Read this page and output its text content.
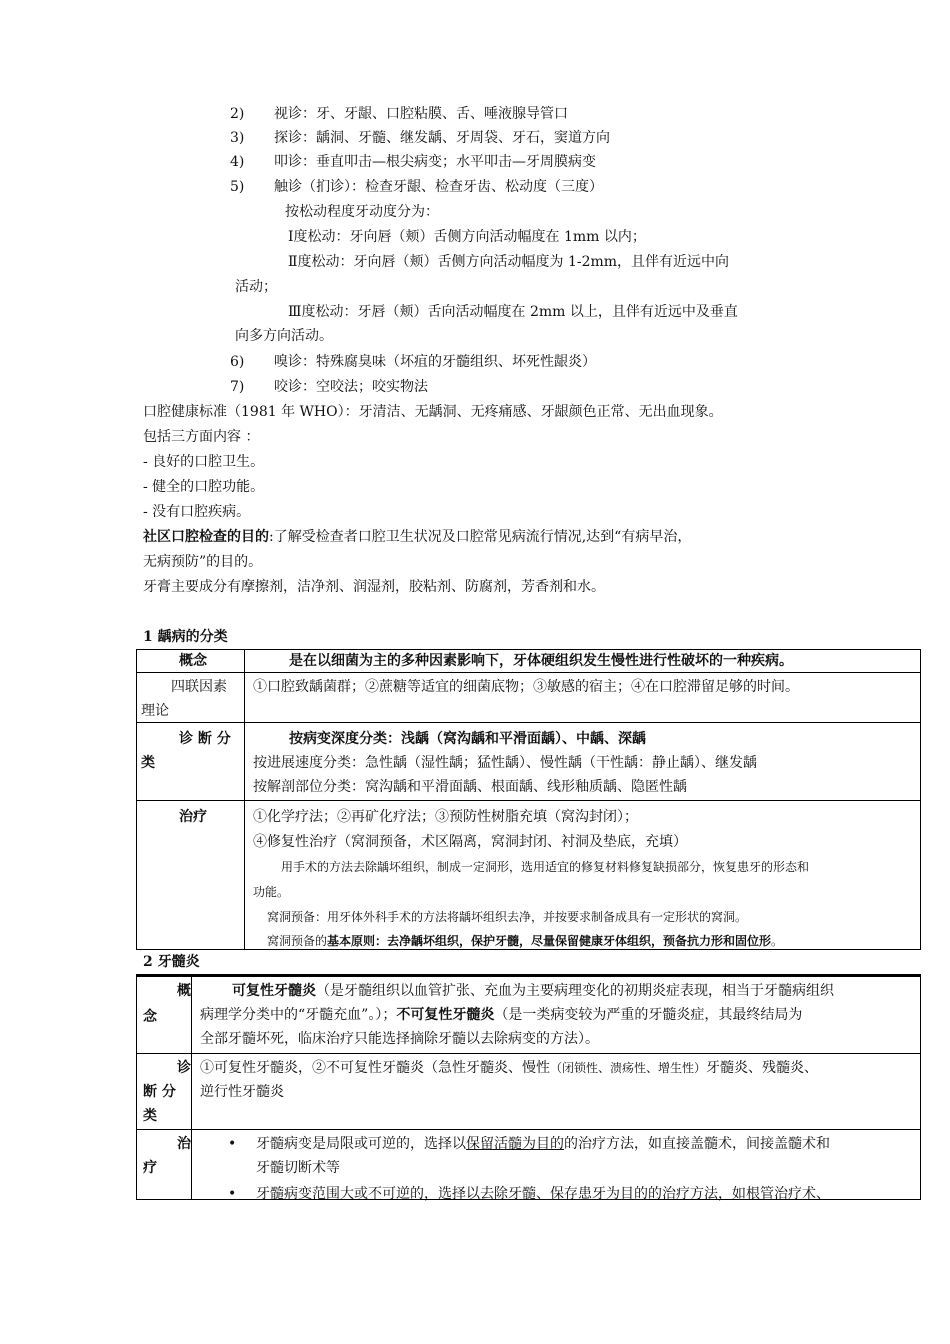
2) 视诊：牙、牙龈、口腔粘膜、舌、唾液腺导管口
3) 探诊：龋洞、牙髓、继发龋、牙周袋、牙石，窦道方向
4) 叩诊：垂直叩击—根尖病变；水平叩击—牙周膜病变
5) 触诊（扪诊）：检查牙龈、检查牙齿、松动度（三度）
按松动程度牙动度分为：
Ⅰ度松动：牙向唇（颊）舌侧方向活动幅度在 1mm 以内；
Ⅱ度松动：牙向唇（颊）舌侧方向活动幅度为 1-2mm，且伴有近远中向
活动；
Ⅲ度松动：牙唇（颊）舌向活动幅度在 2mm 以上，且伴有近远中及垂直
向多方向活动。
6) 嗅诊：特殊腐臭味（坏疽的牙髓组织、坏死性龈炎）
7) 咬诊：空咬法；咬实物法
口腔健康标准（1981 年 WHO）：牙清洁、无龋洞、无疼痛感、牙龈颜色正常、无出血现象。
包括三方面内容 ：
- 良好的口腔卫生。
- 健全的口腔功能。
- 没有口腔疾病。
社区口腔检查的目的:了解受检查者口腔卫生状况及口腔常见病流行情况,达到“有病早治，
无病预防”的目的。
牙膏主要成分有摩擦剂，洁净剂、润湿剂，胶粘剂、防腐剂，芳香剂和水。
1 龋病的分类
概念	是在以细菌为主的多种因素影响下，牙体硬组织发生慢性进行性破坏的一种疾病。
四联因素
理论
①口腔致龋菌群；②蔗糖等适宜的细菌底物；③敏感的宿主；④在口腔滞留足够的时间。
诊 断 分
类
按病变深度分类：浅龋（窝沟龋和平滑面龋）、中龋、深龋
按进展速度分类：急性龋（湿性龋；猛性龋）、慢性龋（干性龋：静止龋）、继发龋
按解剖部位分类：窝沟龋和平滑面龋、根面龋、线形釉质龋、隐匿性龋
治疗	①化学疗法；②再矿化疗法；③预防性树脂充填（窝沟封闭）；
④修复性治疗（窝洞预备，术区隔离，窝洞封闭、衬洞及垫底，充填）
用手术的方法去除龋坏组织，制成一定洞形，选用适宜的修复材料修复缺损部分，恢复患牙的形态和
功能。
窝洞预备：用牙体外科手术的方法将龋坏组织去净，并按要求制备成具有一定形状的窝洞。
窝洞预备的基本原则：去净龋坏组织，保护牙髓，尽量保留健康牙体组织，预备抗力形和固位形。
2 牙髓炎
概
念
可复性牙髓炎（是牙髓组织以血管扩张、充血为主要病理变化的初期炎症表现，相当于牙髓病组织
病理学分类中的“牙髓充血”。）；不可复性牙髓炎（是一类病变较为严重的牙髓炎症，其最终结局为
全部牙髓坏死，临床治疗只能选择摘除牙髓以去除病变的方法）。
诊
断 分
类
①可复性牙髓炎，②不可复性牙髓炎（急性牙髓炎、慢性（闭锁性、溃疡性、增生性）牙髓炎、残髓炎、
逆行性牙髓炎
治
疗
• 牙髓病变是局限或可逆的，选择以保留活髓为目的的治疗方法，如直接盖髓术，间接盖髓术和
牙髓切断术等
• 牙髓病变范围大或不可逆的，选择以去除牙髓、保存患牙为目的的治疗方法，如根管治疗术、
